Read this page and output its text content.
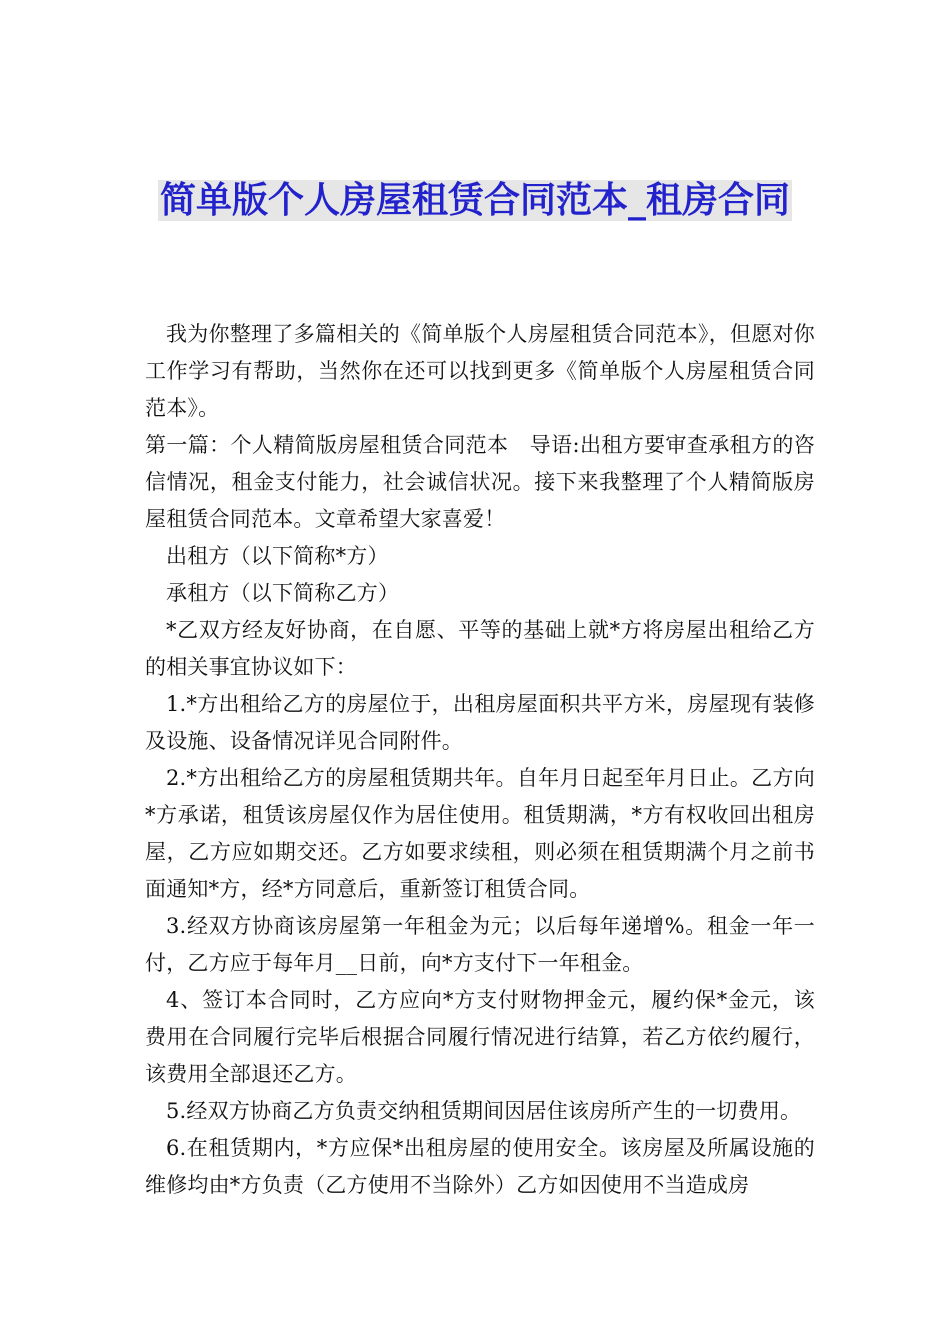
简单版个人房屋租赁合同范本_租房合同

我为你整理了多篇相关的《简单版个人房屋租赁合同范本》，但愿对你工作学习有帮助，当然你在还可以找到更多《简单版个人房屋租赁合同范本》。

第一篇：个人精简版房屋租赁合同范本　导语:出租方要审查承租方的咨信情况，租金支付能力，社会诚信状况。接下来我整理了个人精简版房屋租赁合同范本。文章希望大家喜爱！

出租方（以下简称*方）

承租方（以下简称乙方）

*乙双方经友好协商，在自愿、平等的基础上就*方将房屋出租给乙方的相关事宜协议如下：

1.*方出租给乙方的房屋位于，出租房屋面积共平方米，房屋现有装修及设施、设备情况详见合同附件。

2.*方出租给乙方的房屋租赁期共年。自年月日起至年月日止。乙方向*方承诺，租赁该房屋仅作为居住使用。租赁期满，*方有权收回出租房屋，乙方应如期交还。乙方如要求续租，则必须在租赁期满个月之前书面通知*方，经*方同意后，重新签订租赁合同。

3.经双方协商该房屋第一年租金为元；以后每年递增%。租金一年一付，乙方应于每年月__日前，向*方支付下一年租金。

4、签订本合同时，乙方应向*方支付财物押金元，履约保*金元，该费用在合同履行完毕后根据合同履行情况进行结算，若乙方依约履行，该费用全部退还乙方。

5.经双方协商乙方负责交纳租赁期间因居住该房所产生的一切费用。

6.在租赁期内，*方应保*出租房屋的使用安全。该房屋及所属设施的维修均由*方负责（乙方使用不当除外）乙方如因使用不当造成房
